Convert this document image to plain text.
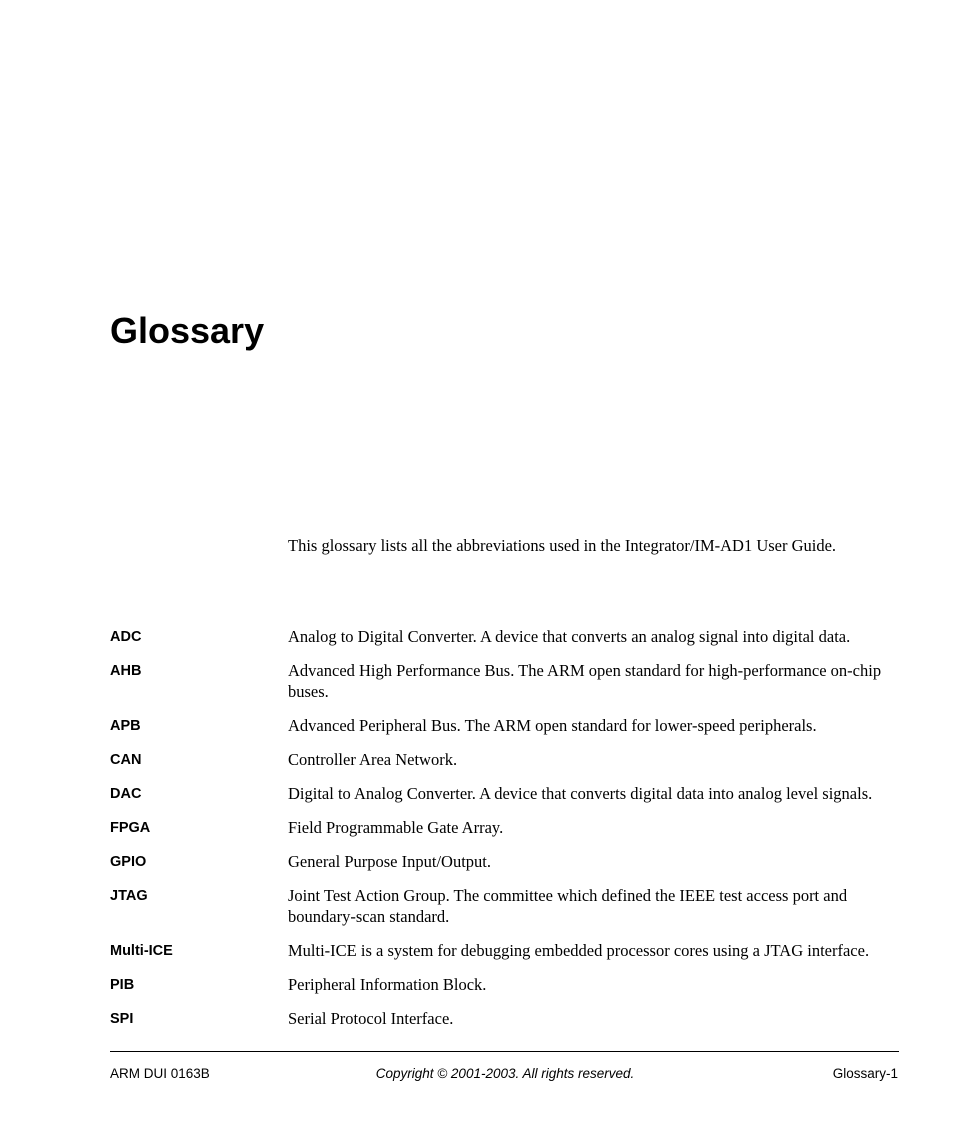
Glossary

This glossary lists all the abbreviations used in the Integrator/IM-AD1 User Guide.

ADC	Analog to Digital Converter. A device that converts an analog signal into digital data.
AHB	Advanced High Performance Bus. The ARM open standard for high-performance on-chip buses.
APB	Advanced Peripheral Bus. The ARM open standard for lower-speed peripherals.
CAN	Controller Area Network.
DAC	Digital to Analog Converter. A device that converts digital data into analog level signals.
FPGA	Field Programmable Gate Array.
GPIO	General Purpose Input/Output.
JTAG	Joint Test Action Group. The committee which defined the IEEE test access port and boundary-scan standard.
Multi-ICE	Multi-ICE is a system for debugging embedded processor cores using a JTAG interface.
PIB	Peripheral Information Block.
SPI	Serial Protocol Interface.
ARM DUI 0163B	Copyright © 2001-2003. All rights reserved.	Glossary-1
